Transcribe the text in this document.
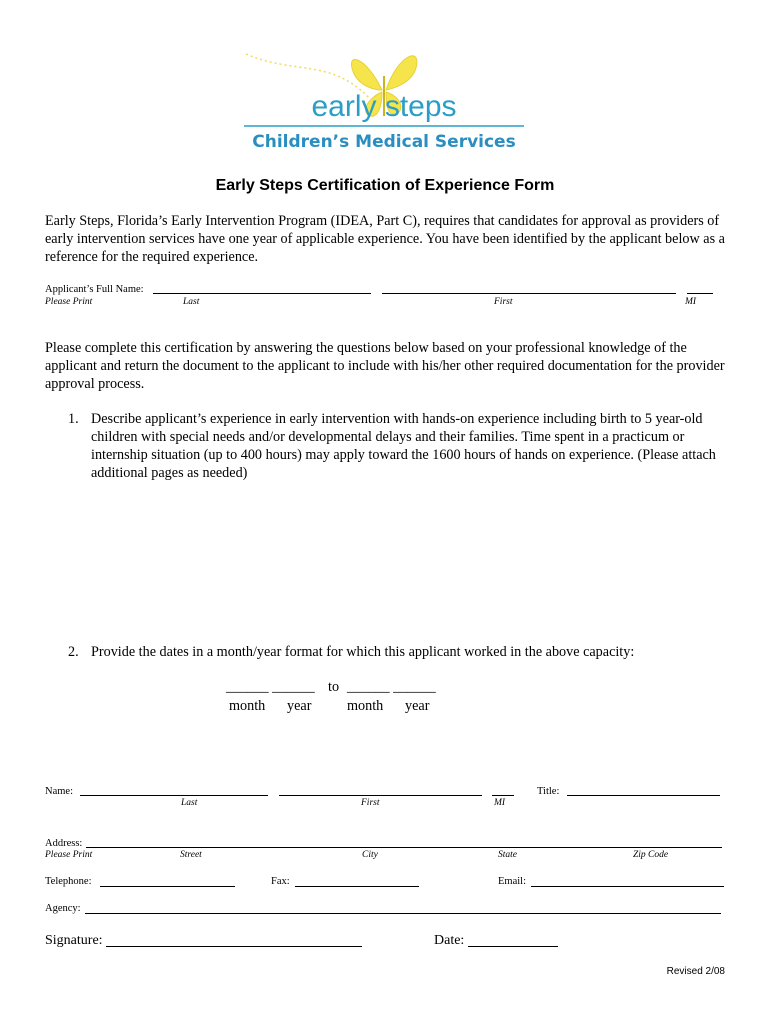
early steps
Children’s Medical Services
Early Steps Certification of Experience Form
Early Steps, Florida’s Early Intervention Program (IDEA, Part C), requires that candidates for approval as providers of early intervention services have one year of applicable experience. You have been identified by the applicant below as a reference for the required experience.
Applicant’s Full Name:
Please Print	Last	First	MI
Please complete this certification by answering the questions below based on your professional knowledge of the applicant and return the document to the applicant to include with his/her other required documentation for the provider approval process.
1. Describe applicant’s experience in early intervention with hands-on experience including birth to 5 year-old children with special needs and/or developmental delays and their families. Time spent in a practicum or internship situation (up to 400 hours) may apply toward the 1600 hours of hands on experience. (Please attach additional pages as needed)
2. Provide the dates in a month/year format for which this applicant worked in the above capacity:
______ ______ to ______ ______
month year	month year
Name:	Title:
Last	First	MI
Address:
Please Print	Street	City	State	Zip Code
Telephone:	Fax:	Email:
Agency:
Signature:	Date:
Revised 2/08
